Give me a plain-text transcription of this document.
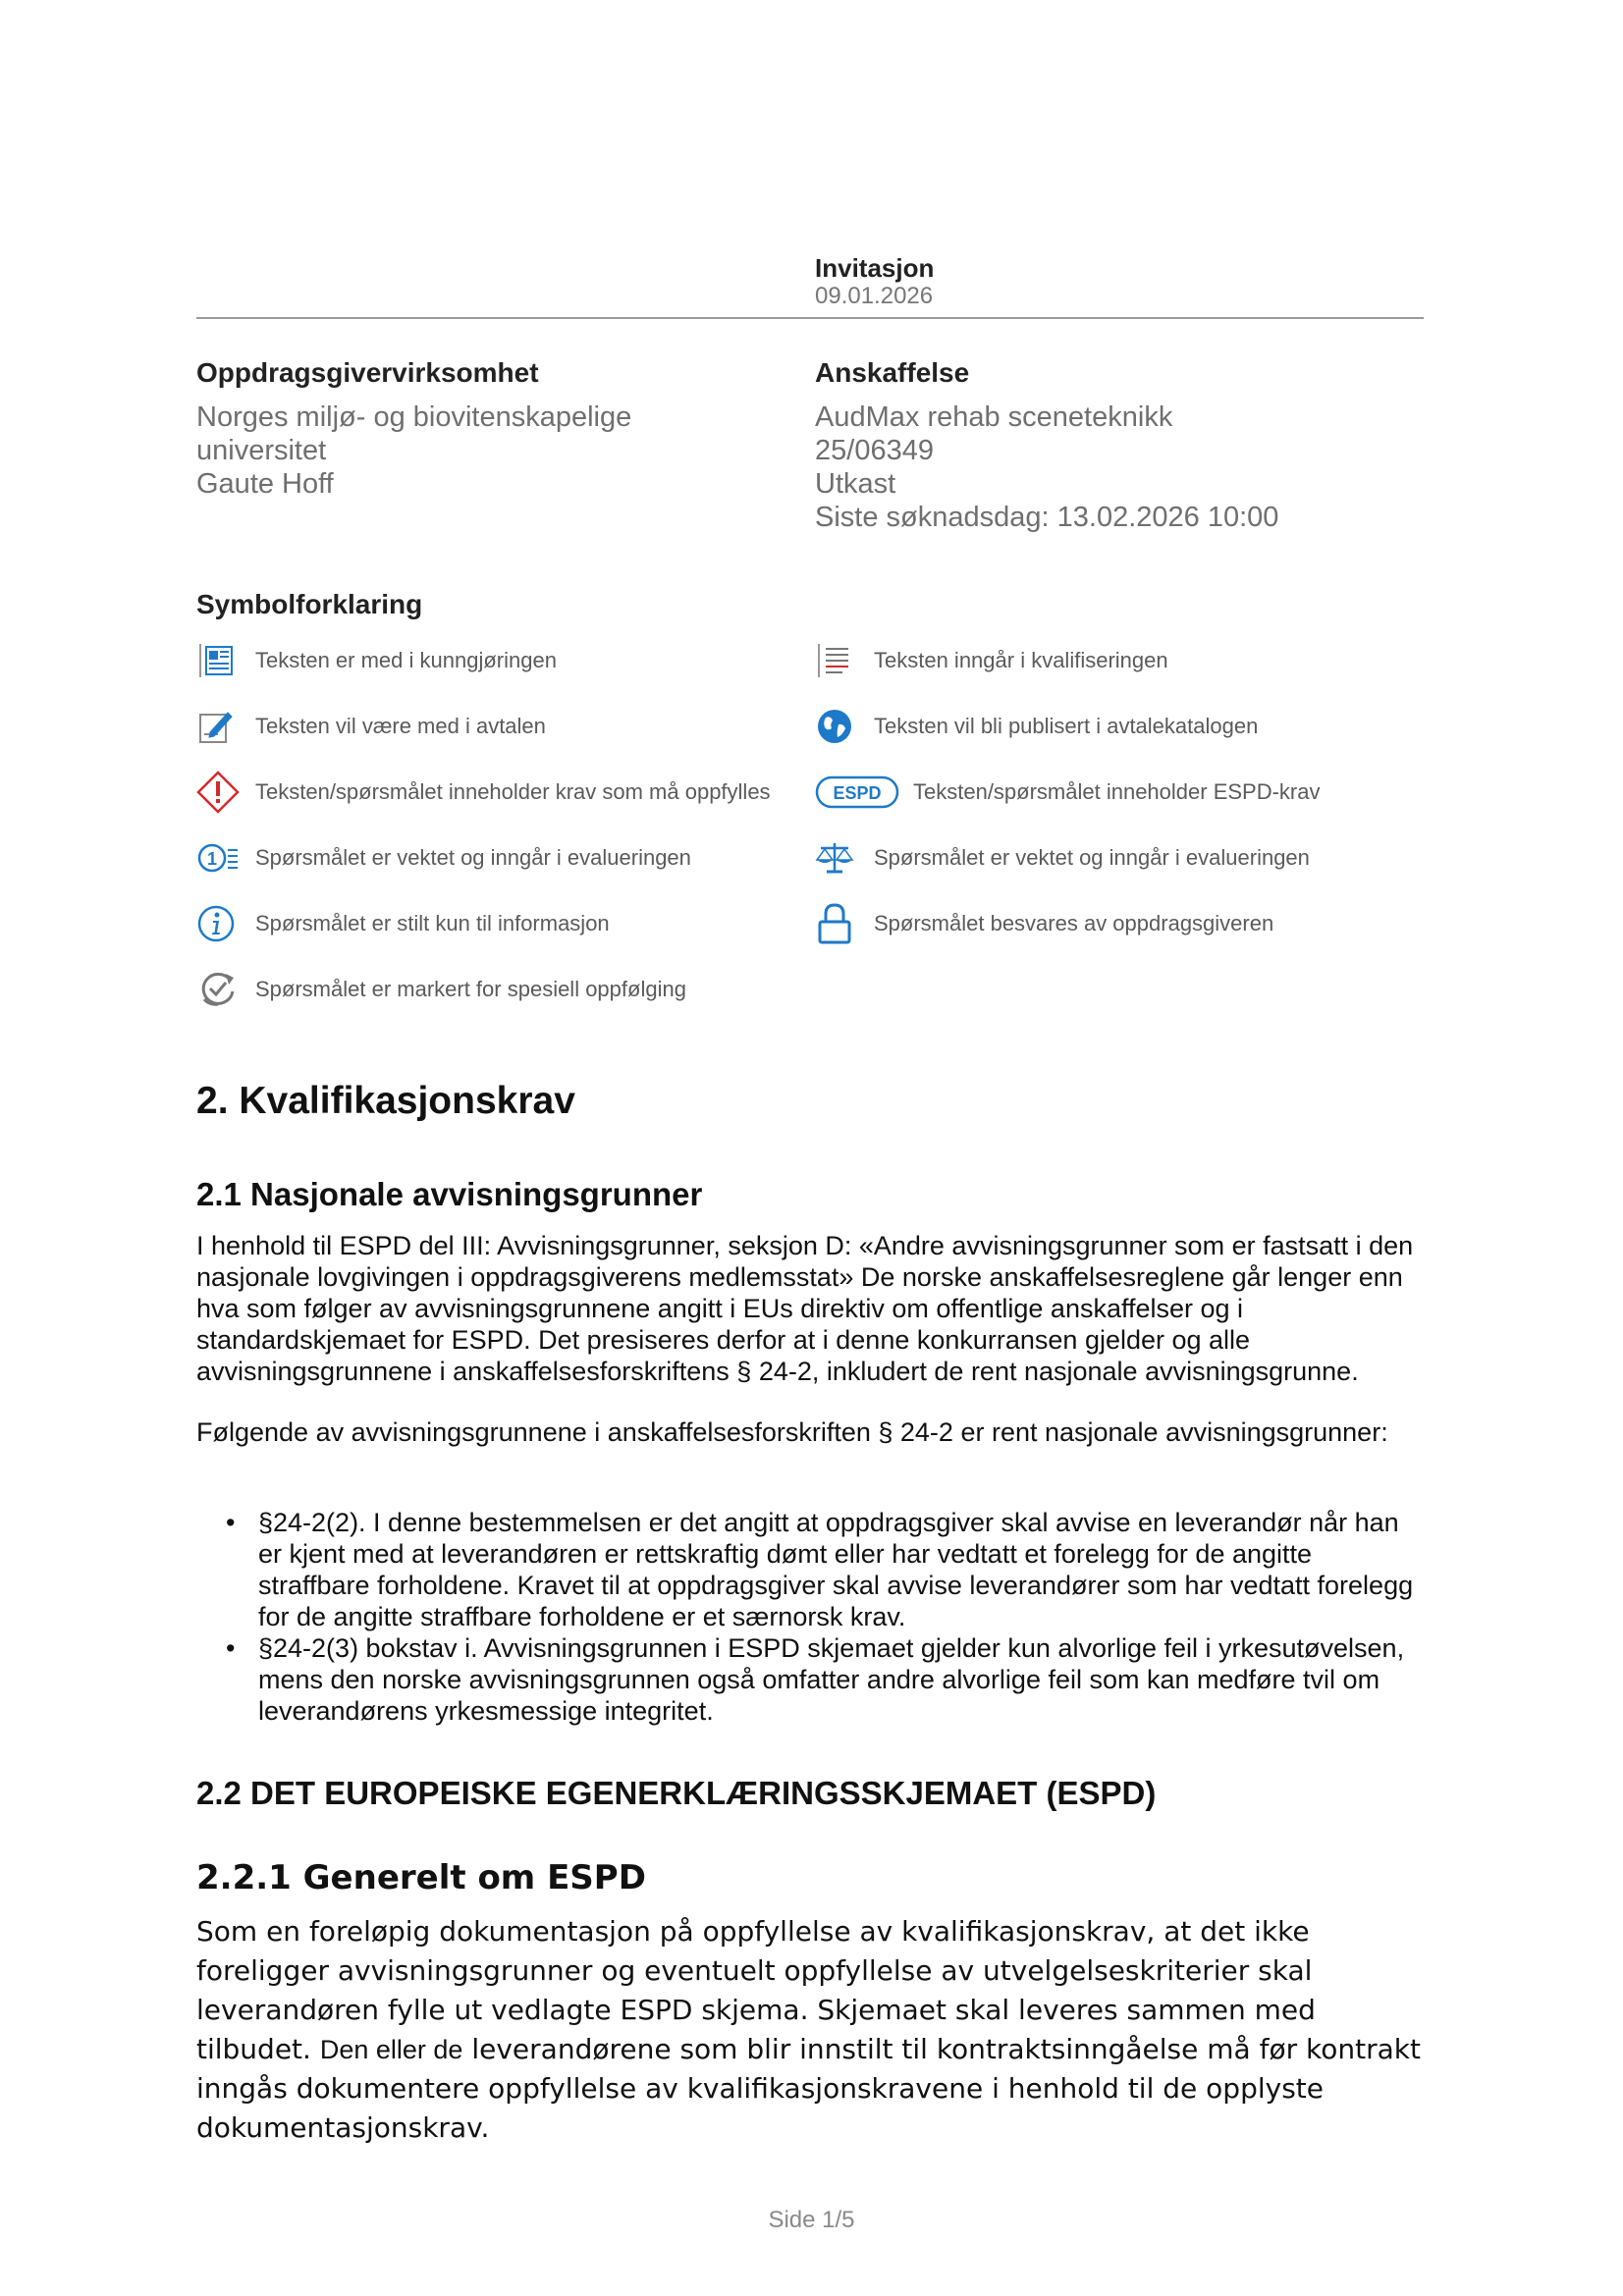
Invitasjon
09.01.2026
Oppdragsgivervirksomhet
Norges miljø- og biovitenskapelige
universitet
Gaute Hoff
Anskaffelse
AudMax rehab sceneteknikk
25/06349
Utkast
Siste søknadsdag: 13.02.2026 10:00
Symbolforklaring
Teksten er med i kunngjøringen	Teksten inngår i kvalifiseringen
Teksten vil være med i avtalen	Teksten vil bli publisert i avtalekatalogen
Teksten/spørsmålet inneholder krav som må oppfylles	ESPD Teksten/spørsmålet inneholder ESPD-krav
1 Spørsmålet er vektet og inngår i evalueringen	Spørsmålet er vektet og inngår i evalueringen
Spørsmålet er stilt kun til informasjon	Spørsmålet besvares av oppdragsgiveren
Spørsmålet er markert for spesiell oppfølging
2. Kvalifikasjonskrav
2.1 Nasjonale avvisningsgrunner

I henhold til ESPD del III: Avvisningsgrunner, seksjon D: «Andre avvisningsgrunner som er fastsatt i den nasjonale lovgivingen i oppdragsgiverens medlemsstat» De norske anskaffelsesreglene går lenger enn hva som følger av avvisningsgrunnene angitt i EUs direktiv om offentlige anskaffelser og i standardskjemaet for ESPD. Det presiseres derfor at i denne konkurransen gjelder og alle avvisningsgrunnene i anskaffelsesforskriftens § 24-2, inkludert de rent nasjonale avvisningsgrunne.

Følgende av avvisningsgrunnene i anskaffelsesforskriften § 24-2 er rent nasjonale avvisningsgrunner:

• §24-2(2). I denne bestemmelsen er det angitt at oppdragsgiver skal avvise en leverandør når han er kjent med at leverandøren er rettskraftig dømt eller har vedtatt et forelegg for de angitte straffbare forholdene. Kravet til at oppdragsgiver skal avvise leverandører som har vedtatt forelegg for de angitte straffbare forholdene er et særnorsk krav.
• §24-2(3) bokstav i. Avvisningsgrunnen i ESPD skjemaet gjelder kun alvorlige feil i yrkesutøvelsen, mens den norske avvisningsgrunnen også omfatter andre alvorlige feil som kan medføre tvil om leverandørens yrkesmessige integritet.
2.2 DET EUROPEISKE EGENERKLÆRINGSSKJEMAET (ESPD)
2.2.1 Generelt om ESPD

Som en foreløpig dokumentasjon på oppfyllelse av kvalifikasjonskrav, at det ikke foreligger avvisningsgrunner og eventuelt oppfyllelse av utvelgelseskriterier skal leverandøren fylle ut vedlagte ESPD skjema. Skjemaet skal leveres sammen med tilbudet. Den eller de leverandørene som blir innstilt til kontraktsinngåelse må før kontrakt inngås dokumentere oppfyllelse av kvalifikasjonskravene i henhold til de opplyste dokumentasjonskrav.

Side 1/5
